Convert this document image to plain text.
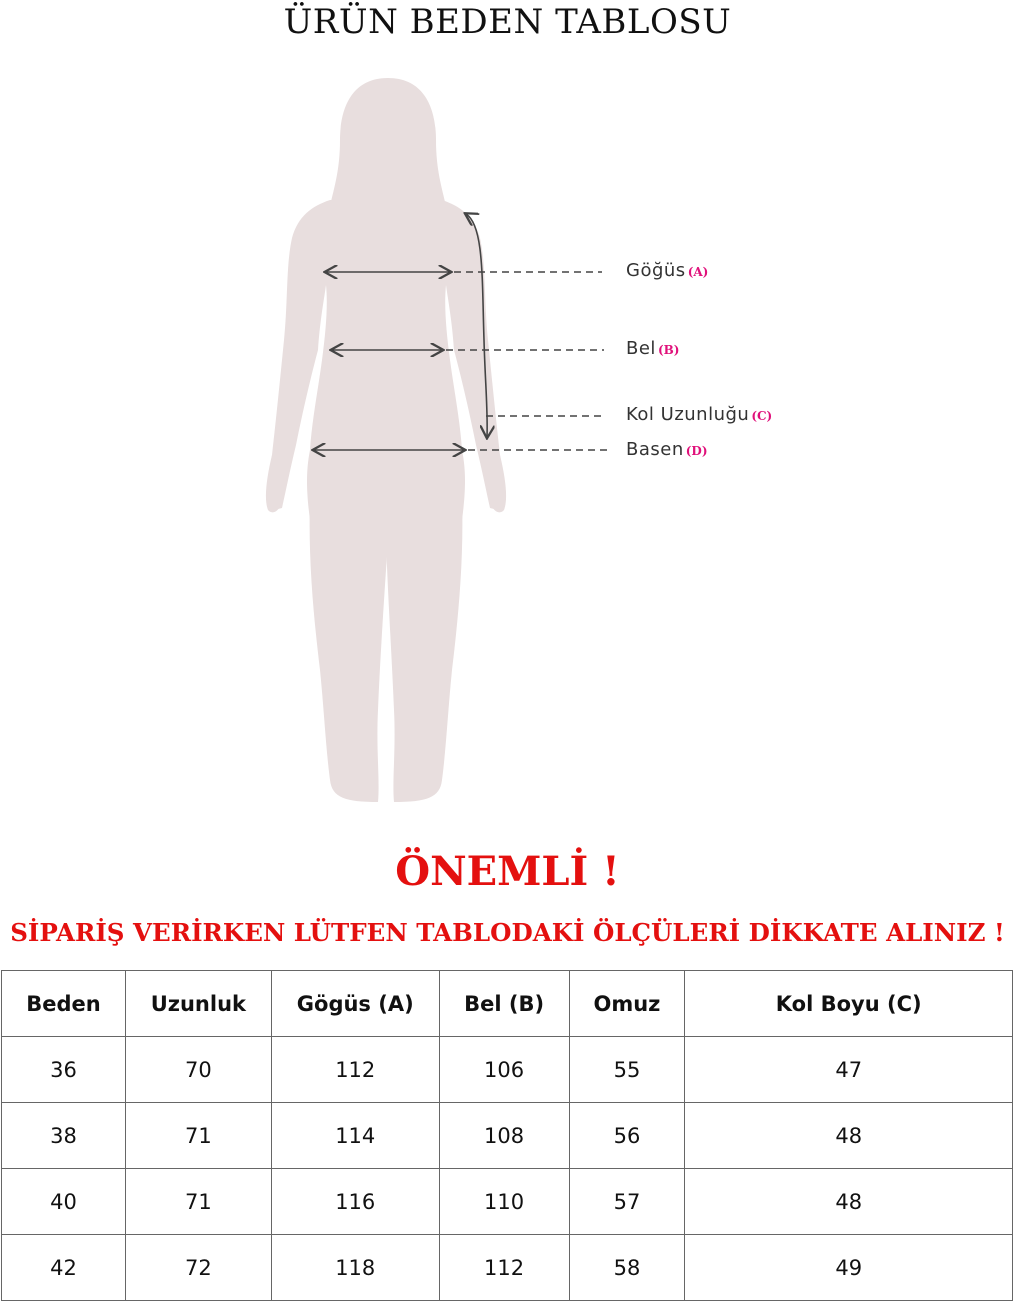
ÜRÜN BEDEN TABLOSU
Göğüs (A)
Bel (B)
Kol Uzunluğu (C)
Basen (D)
ÖNEMLİ !
SİPARİŞ VERİRKEN LÜTFEN TABLODAKİ ÖLÇÜLERİ DİKKATE ALINIZ !
Beden	Uzunluk	Gögüs (A)	Bel (B)	Omuz	Kol Boyu (C)
36	70	112	106	55	47
38	71	114	108	56	48
40	71	116	110	57	48
42	72	118	112	58	49
